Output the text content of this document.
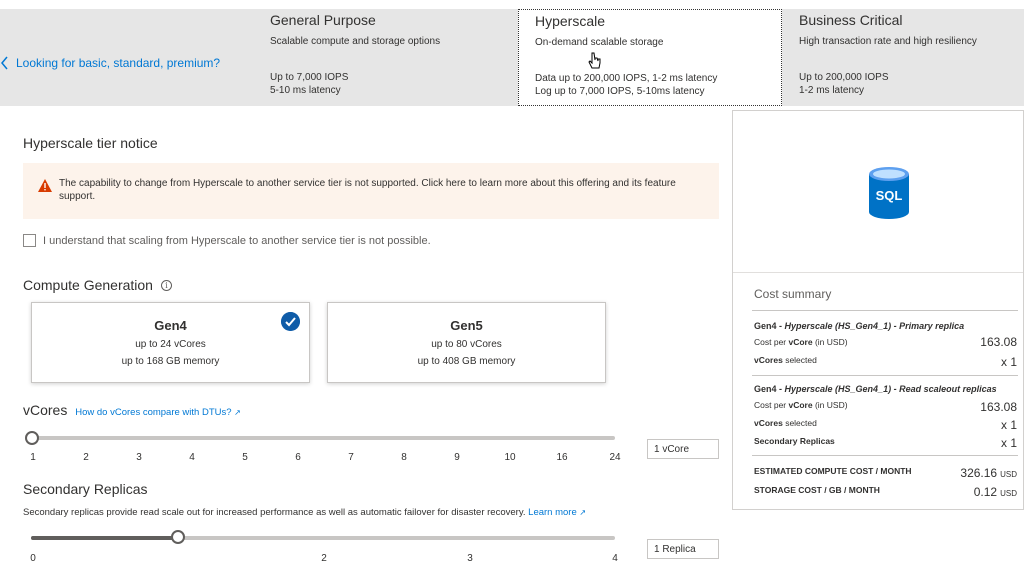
Looking for basic, standard, premium?
General Purpose
Scalable compute and storage options
Up to 7,000 IOPS
5-10 ms latency
Hyperscale
On-demand scalable storage
Data up to 200,000 IOPS, 1-2 ms latency
Log up to 7,000 IOPS, 5-10ms latency
Business Critical
High transaction rate and high resiliency
Up to 200,000 IOPS
1-2 ms latency
Hyperscale tier notice
The capability to change from Hyperscale to another service tier is not supported. Click here to learn more about this offering and its feature support.
I understand that scaling from Hyperscale to another service tier is not possible.
Compute Generation i
Gen4
up to 24 vCores
up to 168 GB memory
Gen5
up to 80 vCores
up to 408 GB memory
vCores How do vCores compare with DTUs? ↗
1	2	3	4	5	6	7	8	9	10	16	24
1 vCore
Secondary Replicas
Secondary replicas provide read scale out for increased performance as well as automatic failover for disaster recovery. Learn more ↗
0	2	3	4
1 Replica
SQL
Cost summary
Gen4 - Hyperscale (HS_Gen4_1) - Primary replica
Cost per vCore (in USD)	163.08
vCores selected	x 1
Gen4 - Hyperscale (HS_Gen4_1) - Read scaleout replicas
Cost per vCore (in USD)	163.08
vCores selected	x 1
Secondary Replicas	x 1
ESTIMATED COMPUTE COST / MONTH	326.16 USD
STORAGE COST / GB / MONTH	0.12 USD
